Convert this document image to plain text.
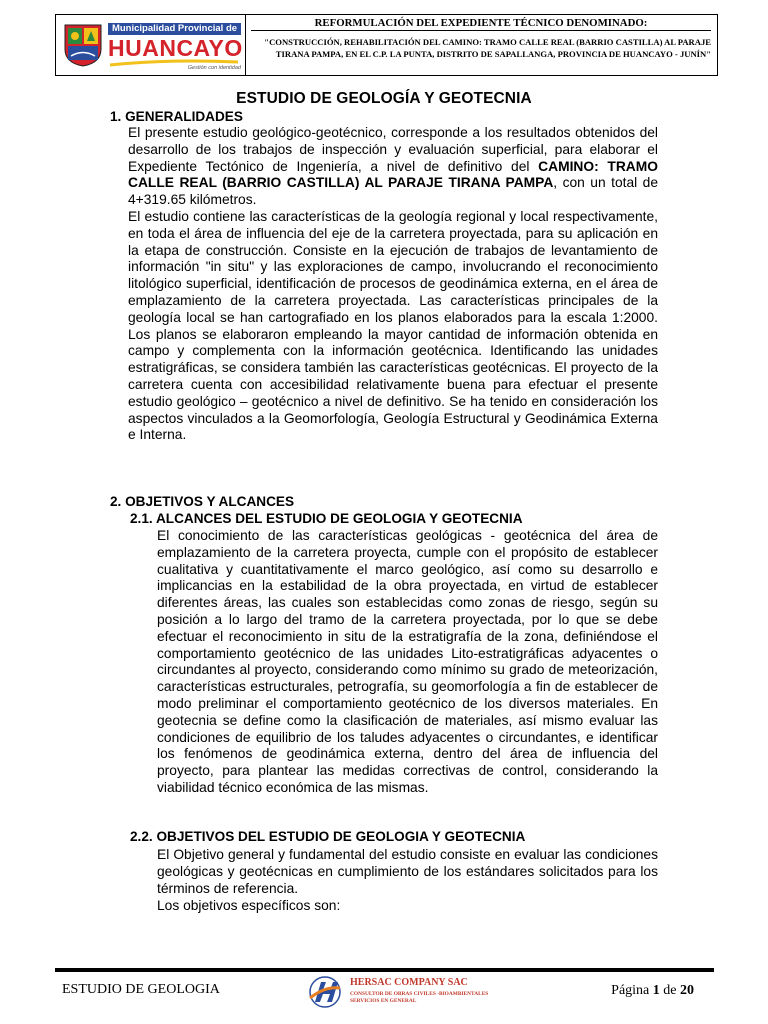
Municipalidad Provincial de
HUANCAYO
Gestión con identidad
REFORMULACIÓN DEL EXPEDIENTE TÉCNICO DENOMINADO:
"CONSTRUCCIÓN, REHABILITACIÓN DEL CAMINO: TRAMO CALLE REAL (BARRIO CASTILLA) AL PARAJE
TIRANA PAMPA, EN EL C.P. LA PUNTA, DISTRITO DE SAPALLANGA, PROVINCIA DE HUANCAYO - JUNÍN"
ESTUDIO DE GEOLOGÍA Y GEOTECNIA
1. GENERALIDADES

El presente estudio geológico-geotécnico, corresponde a los resultados obtenidos del desarrollo de los trabajos de inspección y evaluación superficial, para elaborar el Expediente Tectónico de Ingeniería, a nivel de definitivo del CAMINO: TRAMO CALLE REAL (BARRIO CASTILLA) AL PARAJE TIRANA PAMPA, con un total de 4+319.65 kilómetros.

El estudio contiene las características de la geología regional y local respectivamente, en toda el área de influencia del eje de la carretera proyectada, para su aplicación en la etapa de construcción. Consiste en la ejecución de trabajos de levantamiento de información "in situ" y las exploraciones de campo, involucrando el reconocimiento litológico superficial, identificación de procesos de geodinámica externa, en el área de emplazamiento de la carretera proyectada. Las características principales de la geología local se han cartografiado en los planos elaborados para la escala 1:2000. Los planos se elaboraron empleando la mayor cantidad de información obtenida en campo y complementa con la información geotécnica. Identificando las unidades estratigráficas, se considera también las características geotécnicas. El proyecto de la carretera cuenta con accesibilidad relativamente buena para efectuar el presente estudio geológico – geotécnico a nivel de definitivo. Se ha tenido en consideración los aspectos vinculados a la Geomorfología, Geología Estructural y Geodinámica Externa e Interna.

2. OBJETIVOS Y ALCANCES
2.1. ALCANCES DEL ESTUDIO DE GEOLOGIA Y GEOTECNIA

El conocimiento de las características geológicas - geotécnica del área de emplazamiento de la carretera proyecta, cumple con el propósito de establecer cualitativa y cuantitativamente el marco geológico, así como su desarrollo e implicancias en la estabilidad de la obra proyectada, en virtud de establecer diferentes áreas, las cuales son establecidas como zonas de riesgo, según su posición a lo largo del tramo de la carretera proyectada, por lo que se debe efectuar el reconocimiento in situ de la estratigrafía de la zona, definiéndose el comportamiento geotécnico de las unidades Lito-estratigráficas adyacentes o circundantes al proyecto, considerando como mínimo su grado de meteorización, características estructurales, petrografía, su geomorfología a fin de establecer de modo preliminar el comportamiento geotécnico de los diversos materiales. En geotecnia se define como la clasificación de materiales, así mismo evaluar las condiciones de equilibrio de los taludes adyacentes o circundantes, e identificar los fenómenos de geodinámica externa, dentro del área de influencia del proyecto, para plantear las medidas correctivas de control, considerando la viabilidad técnico económica de las mismas.

2.2. OBJETIVOS DEL ESTUDIO DE GEOLOGIA Y GEOTECNIA

El Objetivo general y fundamental del estudio consiste en evaluar las condiciones geológicas y geotécnicas en cumplimiento de los estándares solicitados para los términos de referencia.

Los objetivos específicos son:

ESTUDIO DE GEOLOGIA	HERSAC COMPANY SAC
CONSULTOR DE OBRAS CIVILES -BIOAMBIENTALES
SERVICIOS EN GENERAL
Página 1 de 20
